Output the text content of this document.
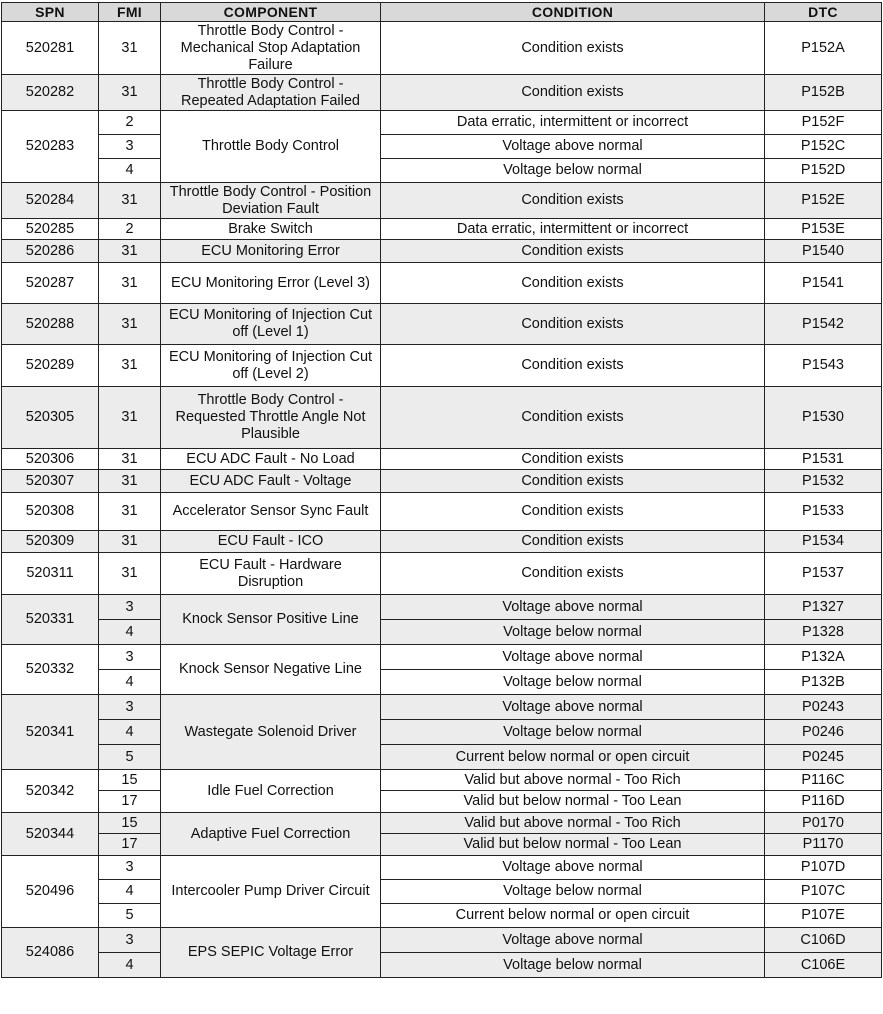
SPN	FMI	COMPONENT	CONDITION	DTC
520281	31	Throttle Body Control - Mechanical Stop Adaptation Failure	Condition exists	P152A
520282	31	Throttle Body Control - Repeated Adaptation Failed	Condition exists	P152B
520283	2	Throttle Body Control	Data erratic, intermittent or incorrect	P152F
	3		Voltage above normal	P152C
	4		Voltage below normal	P152D
520284	31	Throttle Body Control - Position Deviation Fault	Condition exists	P152E
520285	2	Brake Switch	Data erratic, intermittent or incorrect	P153E
520286	31	ECU Monitoring Error	Condition exists	P1540
520287	31	ECU Monitoring Error (Level 3)	Condition exists	P1541
520288	31	ECU Monitoring of Injection Cut off (Level 1)	Condition exists	P1542
520289	31	ECU Monitoring of Injection Cut off (Level 2)	Condition exists	P1543
520305	31	Throttle Body Control - Requested Throttle Angle Not Plausible	Condition exists	P1530
520306	31	ECU ADC Fault - No Load	Condition exists	P1531
520307	31	ECU ADC Fault - Voltage	Condition exists	P1532
520308	31	Accelerator Sensor Sync Fault	Condition exists	P1533
520309	31	ECU Fault - ICO	Condition exists	P1534
520311	31	ECU Fault - Hardware Disruption	Condition exists	P1537
520331	3	Knock Sensor Positive Line	Voltage above normal	P1327
	4		Voltage below normal	P1328
520332	3	Knock Sensor Negative Line	Voltage above normal	P132A
	4		Voltage below normal	P132B
520341	3	Wastegate Solenoid Driver	Voltage above normal	P0243
	4		Voltage below normal	P0246
	5		Current below normal or open circuit	P0245
520342	15	Idle Fuel Correction	Valid but above normal - Too Rich	P116C
	17		Valid but below normal - Too Lean	P116D
520344	15	Adaptive Fuel Correction	Valid but above normal - Too Rich	P0170
	17		Valid but below normal - Too Lean	P1170
520496	3	Intercooler Pump Driver Circuit	Voltage above normal	P107D
	4		Voltage below normal	P107C
	5		Current below normal or open circuit	P107E
524086	3	EPS SEPIC Voltage Error	Voltage above normal	C106D
	4		Voltage below normal	C106E
